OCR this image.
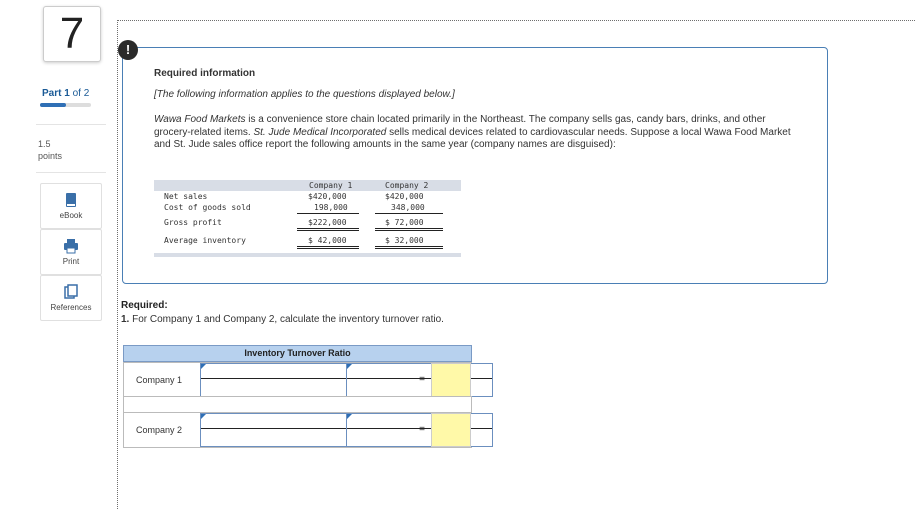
7
Part 1 of 2
1.5
points
eBook
Print
References
!
Required information
[The following information applies to the questions displayed below.]
Wawa Food Markets is a convenience store chain located primarily in the Northeast. The company sells gas, candy bars, drinks, and other grocery-related items. St. Jude Medical Incorporated sells medical devices related to cardiovascular needs. Suppose a local Wawa Food Market and St. Jude sales office report the following amounts in the same year (company names are disguised):
Company 1	Company 2
Net sales	$420,000	$420,000
Cost of goods sold	198,000	348,000
Gross profit	$222,000	$ 72,000
Average inventory	$ 42,000	$ 32,000
Required:
1. For Company 1 and Company 2, calculate the inventory turnover ratio.
Inventory Turnover Ratio
Company 1	=
Company 2	=
